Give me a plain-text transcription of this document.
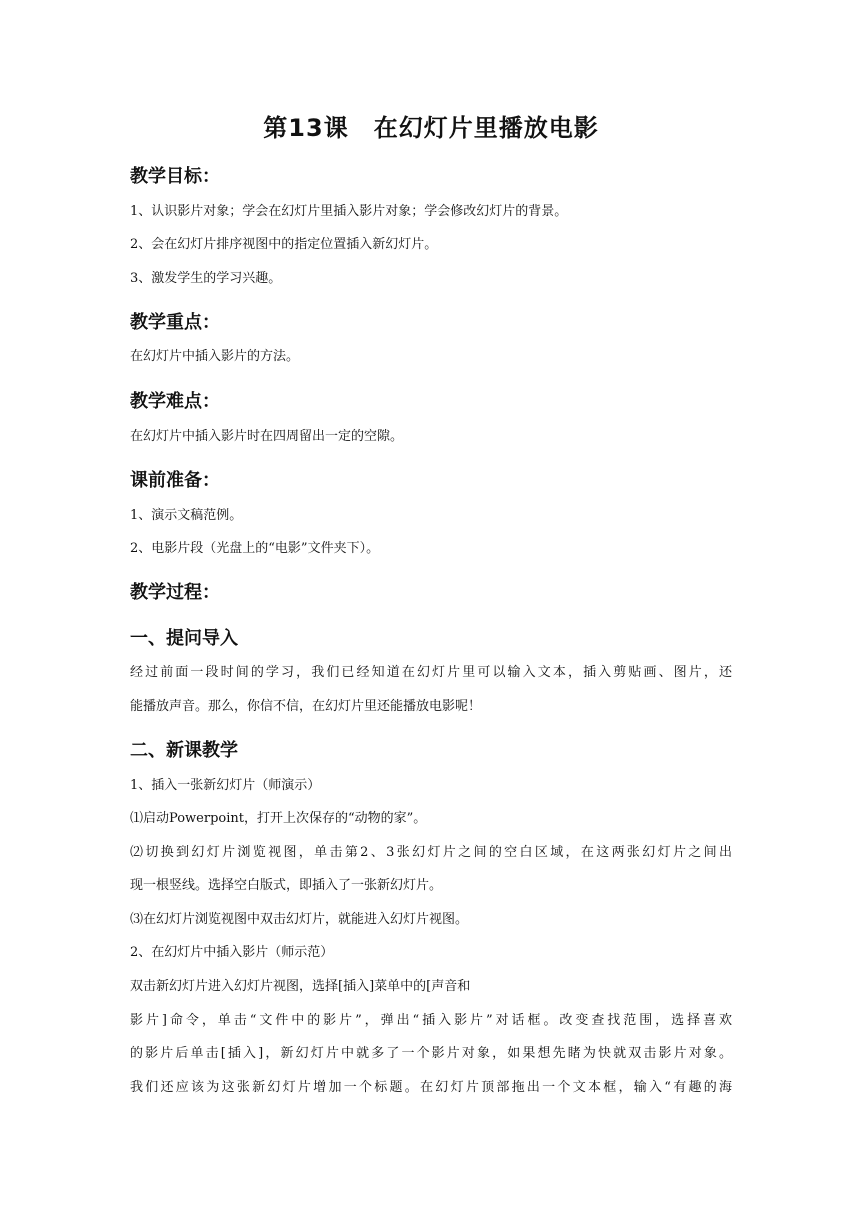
第13课　在幻灯片里播放电影
教学目标：
1、认识影片对象；学会在幻灯片里插入影片对象；学会修改幻灯片的背景。
2、会在幻灯片排序视图中的指定位置插入新幻灯片。
3、激发学生的学习兴趣。
教学重点：
在幻灯片中插入影片的方法。
教学难点：
在幻灯片中插入影片时在四周留出一定的空隙。
课前准备：
1、演示文稿范例。
2、电影片段（光盘上的“电影”文件夹下）。
教学过程：
一、提问导入
经过前面一段时间的学习，我们已经知道在幻灯片里可以输入文本，插入剪贴画、图片，还
能播放声音。那么，你信不信，在幻灯片里还能播放电影呢！
二、新课教学
1、插入一张新幻灯片（师演示）
⑴启动Powerpoint，打开上次保存的“动物的家”。
⑵切换到幻灯片浏览视图，单击第2、3张幻灯片之间的空白区域，在这两张幻灯片之间出
现一根竖线。选择空白版式，即插入了一张新幻灯片。
⑶在幻灯片浏览视图中双击幻灯片，就能进入幻灯片视图。
2、在幻灯片中插入影片（师示范）
双击新幻灯片进入幻灯片视图，选择[插入]菜单中的[声音和
影片]命令，单击“文件中的影片”，弹出“插入影片”对话框。改变查找范围，选择喜欢
的影片后单击[插入]，新幻灯片中就多了一个影片对象，如果想先睹为快就双击影片对象。
我们还应该为这张新幻灯片增加一个标题。在幻灯片顶部拖出一个文本框，输入“有趣的海
